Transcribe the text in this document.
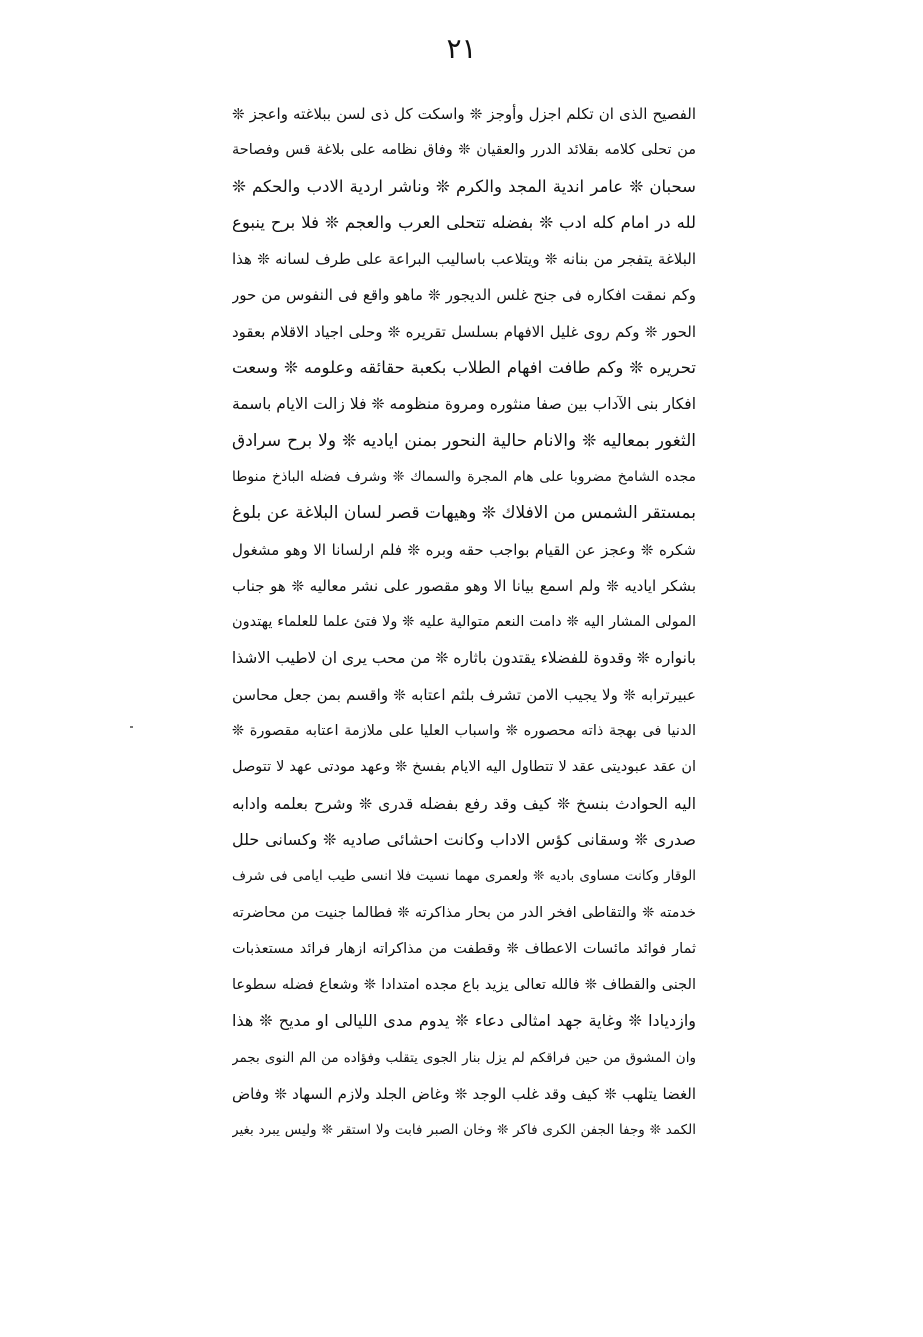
٢١
الفصيح الذى ان تكلم اجزل وأوجز ❊ واسكت كل ذى لسن ببلاغته واعجز ❊
من تحلى كلامه بقلائد الدرر والعقيان ❊ وفاق نظامه على بلاغة قس وفصاحة
سحبان ❊ عامر اندية المجد والكرم ❊ وناشر اردية الادب والحكم ❊
لله در امام كله ادب ❊ بفضله تتحلى العرب والعجم ❊ فلا برح ينبوع
البلاغة يتفجر من بنانه ❊ ويتلاعب باساليب البراعة على طرف لسانه ❊ هذا
وكم نمقت افكاره فى جنح غلس الديجور ❊ ماهو واقع فى النفوس من حور
الحور ❊ وكم روى غليل الافهام بسلسل تقريره ❊ وحلى اجياد الاقلام بعقود
تحريره ❊ وكم طافت افهام الطلاب بكعبة حقائقه وعلومه ❊ وسعت
افكار بنى الآداب بين صفا منثوره ومروة منظومه ❊ فلا زالت الايام باسمة
الثغور بمعاليه ❊ والانام حالية النحور بمنن اياديه ❊ ولا برح سرادق
مجده الشامخ مضروبا على هام المجرة والسماك ❊ وشرف فضله الباذخ منوطا
بمستقر الشمس من الافلاك ❊ وهيهات قصر لسان البلاغة عن بلوغ
شكره ❊ وعجز عن القيام بواجب حقه وبره ❊ فلم ارلسانا الا وهو مشغول
بشكر اياديه ❊ ولم اسمع بيانا الا وهو مقصور على نشر معاليه ❊ هو جناب
المولى المشار اليه ❊ دامت النعم متوالية عليه ❊ ولا فتئ علما للعلماء يهتدون
بانواره ❊ وقدوة للفضلاء يقتدون باثاره ❊ من محب يرى ان لاطيب الاشذا
عبيرترابه ❊ ولا يجيب الامن تشرف بلثم اعتابه ❊ واقسم بمن جعل محاسن
الدنيا فى بهجة ذاته محصوره ❊ واسباب العليا على ملازمة اعتابه مقصورة ❊
ان عقد عبوديتى عقد لا تتطاول اليه الايام بفسخ ❊ وعهد مودتى عهد لا تتوصل
اليه الحوادث بنسخ ❊ كيف وقد رفع بفضله قدرى ❊ وشرح بعلمه وادابه
صدرى ❊ وسقانى كؤس الاداب وكانت احشائى صاديه ❊ وكسانى حلل
الوقار وكانت مساوى باديه ❊ ولعمرى مهما نسيت فلا انسى طيب ايامى فى شرف
خدمته ❊ والتقاطى افخر الدر من بحار مذاكرته ❊ فطالما جنيت من محاضرته
ثمار فوائد مائسات الاعطاف ❊ وقطفت من مذاكراته ازهار فرائد مستعذبات
الجنى والقطاف ❊ فالله تعالى يزيد باع مجده امتدادا ❊ وشعاع فضله سطوعا
وازديادا ❊ وغاية جهد امثالى دعاء ❊ يدوم مدى الليالى او مديح ❊ هذا
وان المشوق من حين فراقكم لم يزل بنار الجوى يتقلب وفؤاده من الم النوى بجمر
الغضا يتلهب ❊ كيف وقد غلب الوجد ❊ وغاض الجلد ولازم السهاد ❊ وفاض
الكمد ❊ وجفا الجفن الكرى فاكر ❊ وخان الصبر فابت ولا استقر ❊ وليس يبرد بغير
